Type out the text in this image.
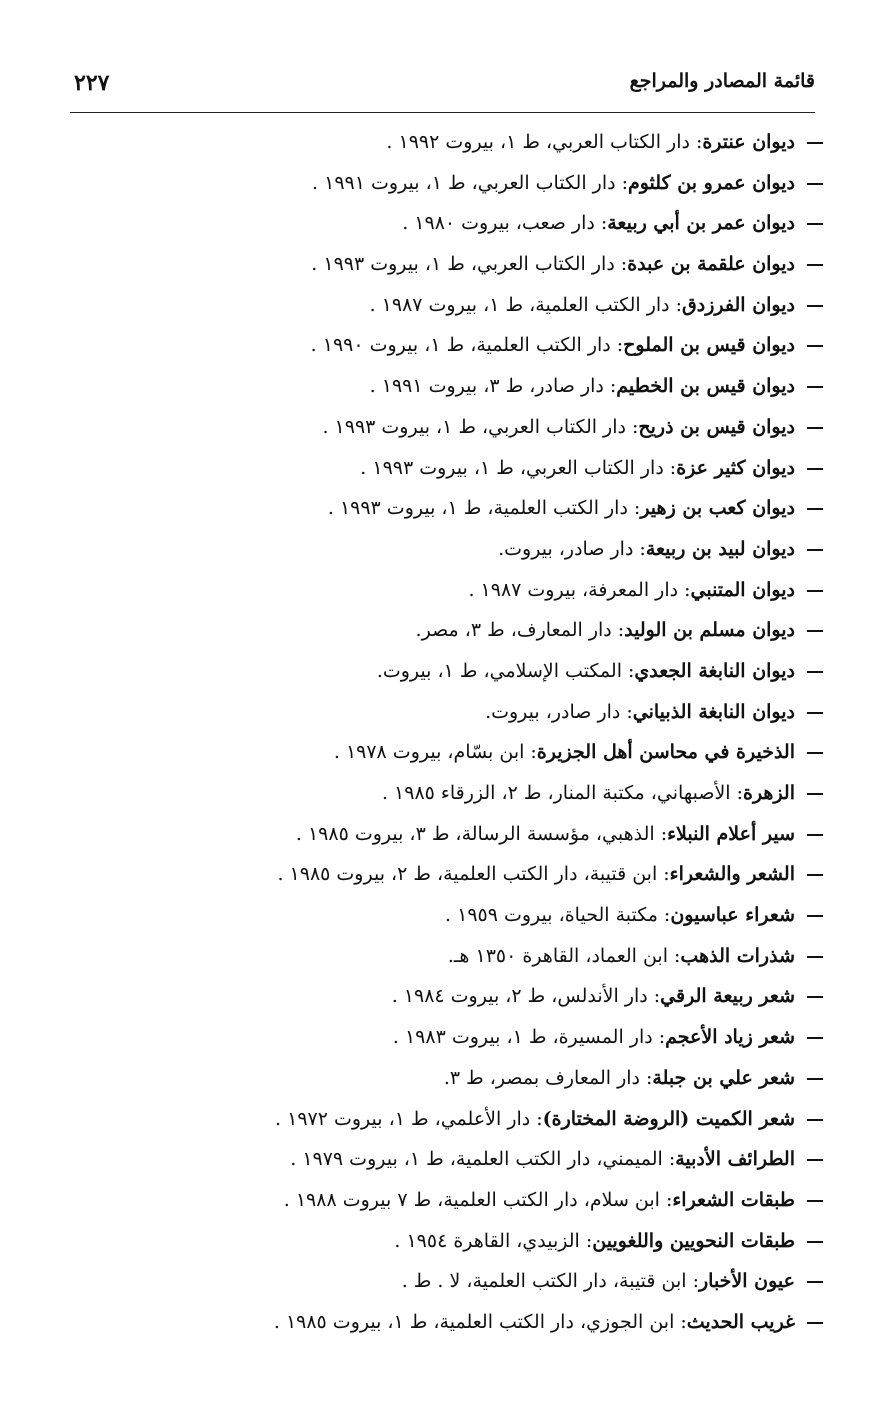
قائمة المصادر والمراجع
٢٢٧
ديوان عنترة:دار الكتاب العربي، ط ١، بيروت ١٩٩٢ .
ديوان عمرو بن كلثوم:دار الكتاب العربي، ط ١، بيروت ١٩٩١ .
ديوان عمر بن أبي ربيعة:دار صعب، بيروت ١٩٨٠ .
ديوان علقمة بن عبدة:دار الكتاب العربي، ط ١، بيروت ١٩٩٣ .
ديوان الفرزدق:دار الكتب العلمية، ط ١، بيروت ١٩٨٧ .
ديوان قيس بن الملوح:دار الكتب العلمية، ط ١، بيروت ١٩٩٠ .
ديوان قيس بن الخطيم:دار صادر، ط ٣، بيروت ١٩٩١ .
ديوان قيس بن ذريح:دار الكتاب العربي، ط ١، بيروت ١٩٩٣ .
ديوان كثير عزة:دار الكتاب العربي، ط ١، بيروت ١٩٩٣ .
ديوان كعب بن زهير:دار الكتب العلمية، ط ١، بيروت ١٩٩٣ .
ديوان لبيد بن ربيعة:دار صادر، بيروت.
ديوان المتنبي:دار المعرفة، بيروت ١٩٨٧ .
ديوان مسلم بن الوليد:دار المعارف، ط ٣، مصر.
ديوان النابغة الجعدي:المكتب الإسلامي، ط ١، بيروت.
ديوان النابغة الذبياني:دار صادر، بيروت.
الذخيرة في محاسن أهل الجزيرة:ابن بسّام، بيروت ١٩٧٨ .
الزهرة:الأصبهاني، مكتبة المنار، ط ٢، الزرقاء ١٩٨٥ .
سير أعلام النبلاء:الذهبي، مؤسسة الرسالة، ط ٣، بيروت ١٩٨٥ .
الشعر والشعراء:ابن قتيبة، دار الكتب العلمية، ط ٢، بيروت ١٩٨٥ .
شعراء عباسيون:مكتبة الحياة، بيروت ١٩٥٩ .
شذرات الذهب:ابن العماد، القاهرة ١٣٥٠ هـ.
شعر ربيعة الرقي:دار الأندلس، ط ٢، بيروت ١٩٨٤ .
شعر زياد الأعجم:دار المسيرة، ط ١، بيروت ١٩٨٣ .
شعر علي بن جبلة:دار المعارف بمصر، ط ٣.
شعر الكميت (الروضة المختارة):دار الأعلمي، ط ١، بيروت ١٩٧٢ .
الطرائف الأدبية:الميمني، دار الكتب العلمية، ط ١، بيروت ١٩٧٩ .
طبقات الشعراء:ابن سلام، دار الكتب العلمية، ط ٧ بيروت ١٩٨٨ .
طبقات النحويين واللغويين:الزبيدي، القاهرة ١٩٥٤ .
عيون الأخبار:ابن قتيبة، دار الكتب العلمية، لا . ط .
غريب الحديث:ابن الجوزي، دار الكتب العلمية، ط ١، بيروت ١٩٨٥ .
